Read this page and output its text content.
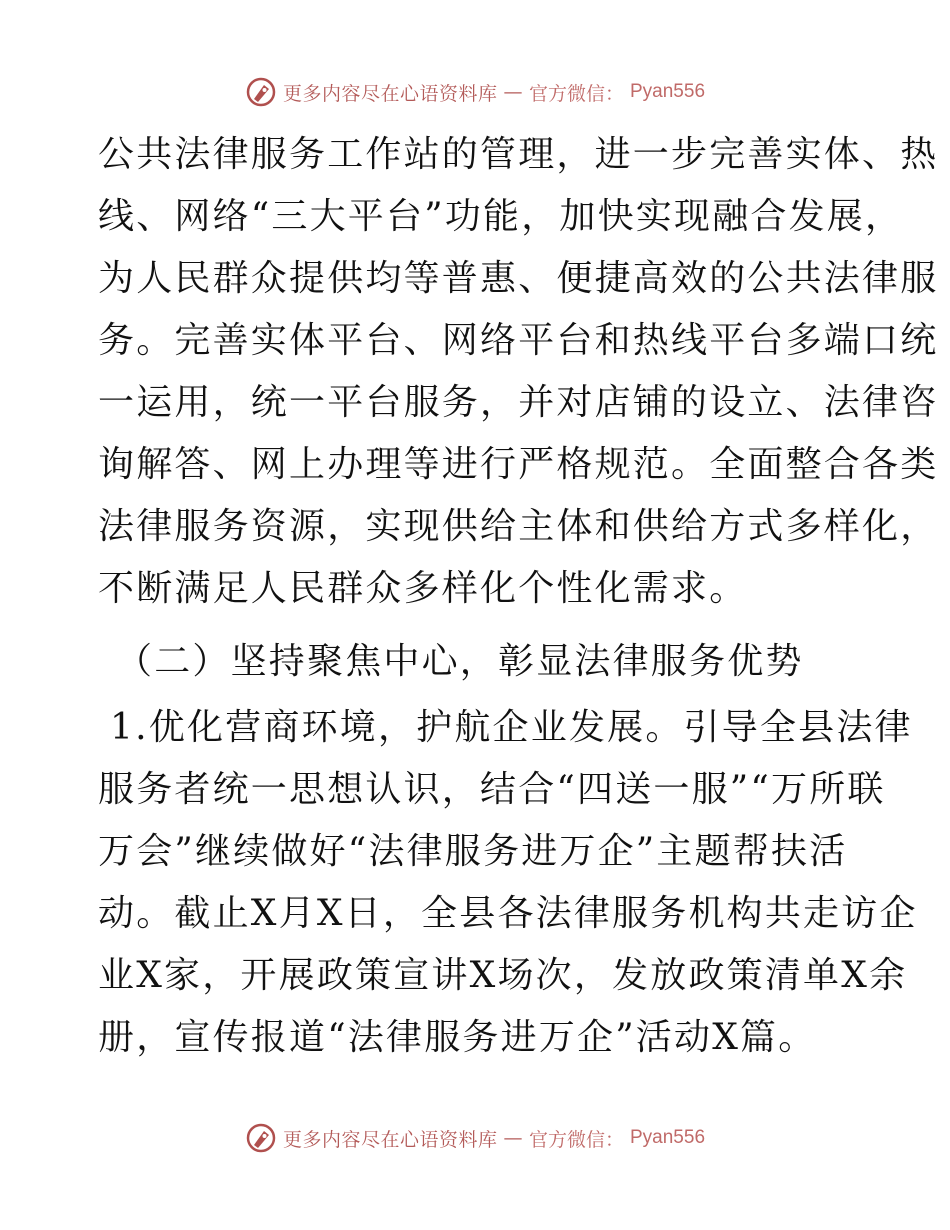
更多内容尽在心语资料库 — 官方微信： Pyan556
公共法律服务工作站的管理，进一步完善实体、热
线、网络“三大平台”功能，加快实现融合发展，
为人民群众提供均等普惠、便捷高效的公共法律服
务。完善实体平台、网络平台和热线平台多端口统
一运用，统一平台服务，并对店铺的设立、法律咨
询解答、网上办理等进行严格规范。全面整合各类
法律服务资源，实现供给主体和供给方式多样化，
不断满足人民群众多样化个性化需求。
（二）坚持聚焦中心，彰显法律服务优势
1.优化营商环境，护航企业发展。引导全县法律
服务者统一思想认识，结合“四送一服”“万所联
万会”继续做好“法律服务进万企”主题帮扶活
动。截止X月X日，全县各法律服务机构共走访企
业X家，开展政策宣讲X场次，发放政策清单X余
册，宣传报道“法律服务进万企”活动X篇。
更多内容尽在心语资料库 — 官方微信： Pyan556
